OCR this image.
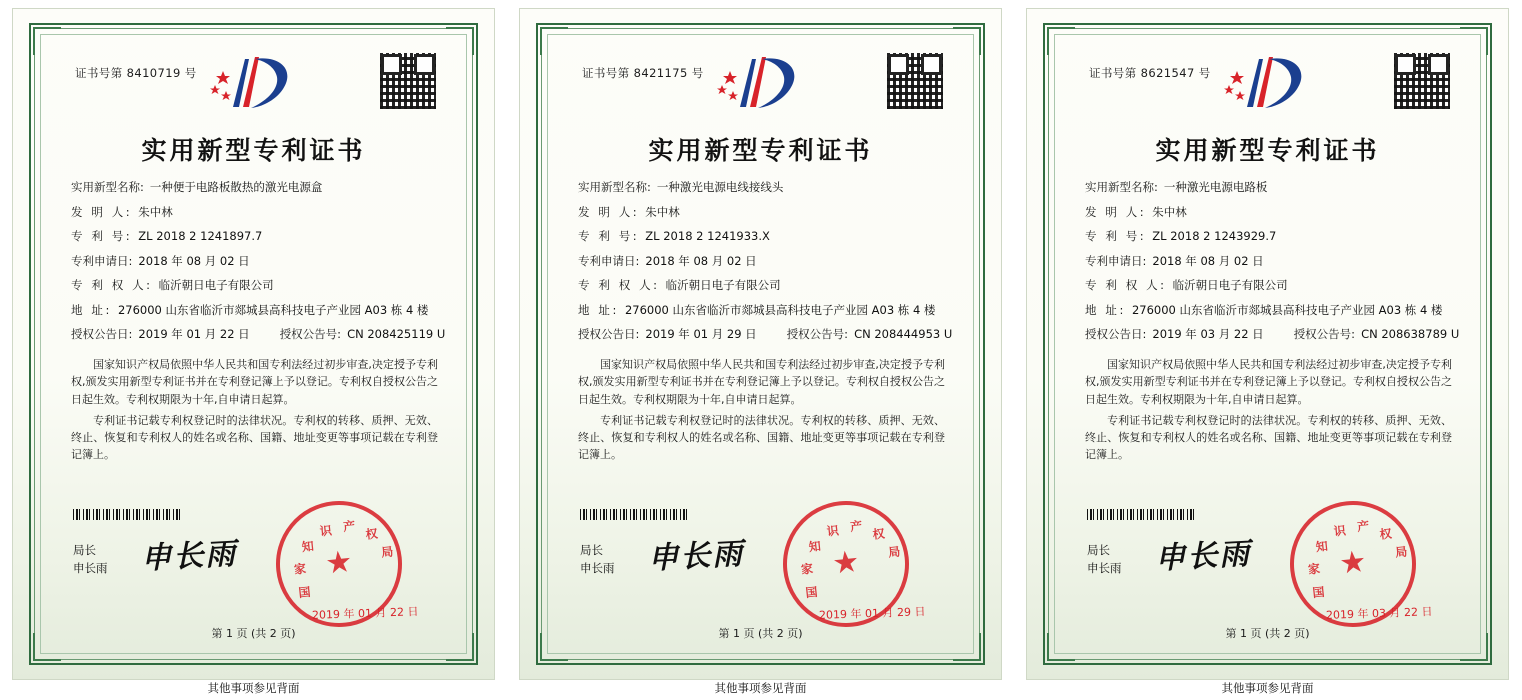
证书号第 8410719 号
实用新型专利证书
实用新型名称: 一种便于电路板散热的激光电源盒
发 明 人: 朱中林
专 利 号: ZL 2018 2 1241897.7
专利申请日: 2018 年 08 月 02 日
专 利 权 人: 临沂朝日电子有限公司
地 址: 276000 山东省临沂市郯城县高科技电子产业园 A03 栋 4 楼
授权公告日: 2019 年 01 月 22 日	授权公告号: CN 208425119 U

国家知识产权局依照中华人民共和国专利法经过初步审查,决定授予专利权,颁发实用新型专利证书并在专利登记簿上予以登记。专利权自授权公告之日起生效。专利权期限为十年,自申请日起算。

专利证书记载专利权登记时的法律状况。专利权的转移、质押、无效、终止、恢复和专利权人的姓名或名称、国籍、地址变更等事项记载在专利登记簿上。

局长
申长雨 申长雨	★
国
家
知
识 产
权
局
2019 年 01 月 22 日
第 1 页 (共 2 页)
其他事项参见背面
证书号第 8421175 号
实用新型专利证书
实用新型名称: 一种激光电源电线接线头
发 明 人: 朱中林
专 利 号: ZL 2018 2 1241933.X
专利申请日: 2018 年 08 月 02 日
专 利 权 人: 临沂朝日电子有限公司
地 址: 276000 山东省临沂市郯城县高科技电子产业园 A03 栋 4 楼
授权公告日: 2019 年 01 月 29 日	授权公告号: CN 208444953 U

国家知识产权局依照中华人民共和国专利法经过初步审查,决定授予专利权,颁发实用新型专利证书并在专利登记簿上予以登记。专利权自授权公告之日起生效。专利权期限为十年,自申请日起算。

专利证书记载专利权登记时的法律状况。专利权的转移、质押、无效、终止、恢复和专利权人的姓名或名称、国籍、地址变更等事项记载在专利登记簿上。

局长
申长雨 申长雨	★
国
家
知
识 产
权
局
2019 年 01 月 29 日
第 1 页 (共 2 页)
其他事项参见背面
证书号第 8621547 号
实用新型专利证书
实用新型名称: 一种激光电源电路板
发 明 人: 朱中林
专 利 号: ZL 2018 2 1243929.7
专利申请日: 2018 年 08 月 02 日
专 利 权 人: 临沂朝日电子有限公司
地 址: 276000 山东省临沂市郯城县高科技电子产业园 A03 栋 4 楼
授权公告日: 2019 年 03 月 22 日	授权公告号: CN 208638789 U

国家知识产权局依照中华人民共和国专利法经过初步审查,决定授予专利权,颁发实用新型专利证书并在专利登记簿上予以登记。专利权自授权公告之日起生效。专利权期限为十年,自申请日起算。

专利证书记载专利权登记时的法律状况。专利权的转移、质押、无效、终止、恢复和专利权人的姓名或名称、国籍、地址变更等事项记载在专利登记簿上。

局长
申长雨 申长雨	★
国
家
知
识 产
权
局
2019 年 03 月 22 日
第 1 页 (共 2 页)
其他事项参见背面
